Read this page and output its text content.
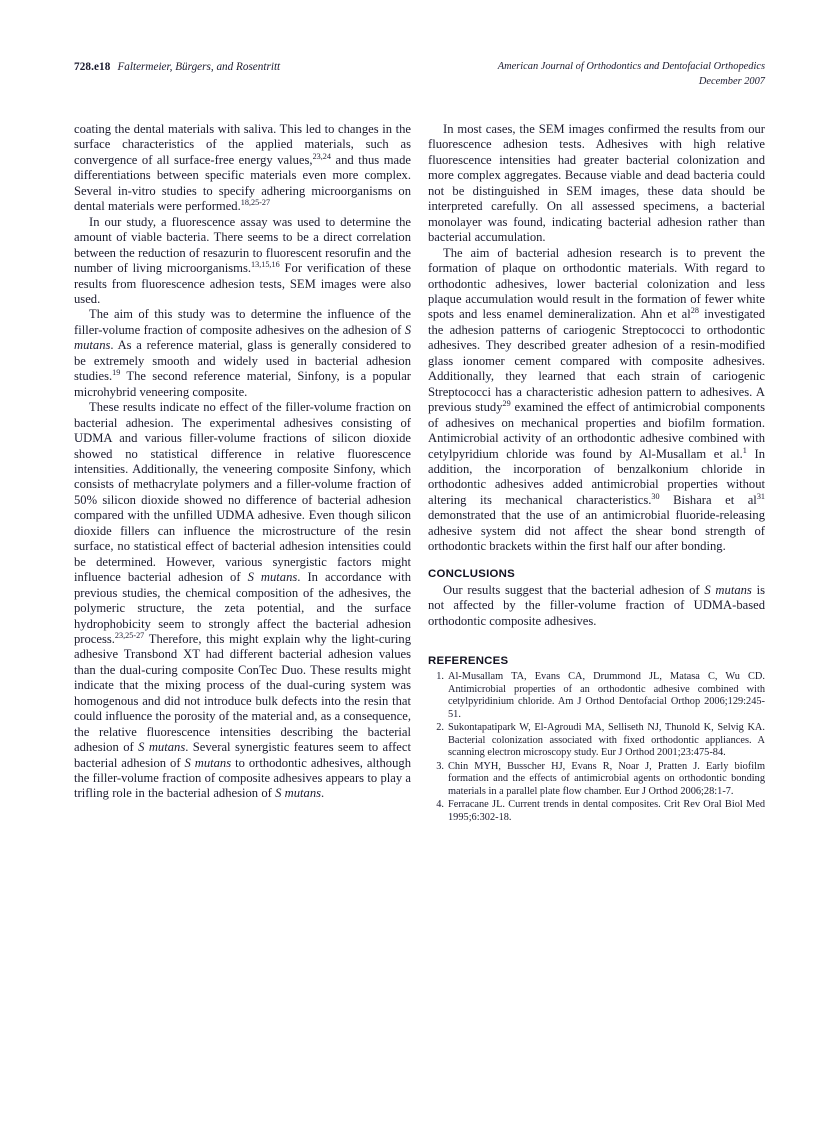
728.e18 Faltermeier, Bürgers, and Rosentritt	American Journal of Orthodontics and Dentofacial Orthopedics
December 2007

coating the dental materials with saliva. This led to changes in the surface characteristics of the applied materials, such as convergence of all surface-free energy values,$^{23,24}$ and thus made differentiations between specific materials even more complex. Several in-vitro studies to specify adhering microorganisms on dental materials were performed.$^{18,25-27}$

In our study, a fluorescence assay was used to determine the amount of viable bacteria. There seems to be a direct correlation between the reduction of resazurin to fluorescent resorufin and the number of living microorganisms.$^{13,15,16}$ For verification of these results from fluorescence adhesion tests, SEM images were also used.

The aim of this study was to determine the influence of the filler-volume fraction of composite adhesives on the adhesion of S mutans. As a reference material, glass is generally considered to be extremely smooth and widely used in bacterial adhesion studies.$^{19}$ The second reference material, Sinfony, is a popular microhybrid veneering composite.

These results indicate no effect of the filler-volume fraction on bacterial adhesion. The experimental adhesives consisting of UDMA and various filler-volume fractions of silicon dioxide showed no statistical difference in relative fluorescence intensities. Additionally, the veneering composite Sinfony, which consists of methacrylate polymers and a filler-volume fraction of 50% silicon dioxide showed no difference of bacterial adhesion compared with the unfilled UDMA adhesive. Even though silicon dioxide fillers can influence the microstructure of the resin surface, no statistical effect of bacterial adhesion intensities could be determined. However, various synergistic factors might influence bacterial adhesion of S mutans. In accordance with previous studies, the chemical composition of the adhesives, the polymeric structure, the zeta potential, and the surface hydrophobicity seem to strongly affect the bacterial adhesion process.$^{23,25-27}$ Therefore, this might explain why the light-curing adhesive Transbond XT had different bacterial adhesion values than the dual-curing composite ConTec Duo. These results might indicate that the mixing process of the dual-curing system was homogenous and did not introduce bulk defects into the resin that could influence the porosity of the material and, as a consequence, the relative fluorescence intensities describing the bacterial adhesion of S mutans. Several synergistic features seem to affect bacterial adhesion of S mutans to orthodontic adhesives, although the filler-volume fraction of composite adhesives appears to play a trifling role in the bacterial adhesion of S mutans.

In most cases, the SEM images confirmed the results from our fluorescence adhesion tests. Adhesives with high relative fluorescence intensities had greater bacterial colonization and more complex aggregates. Because viable and dead bacteria could not be distinguished in SEM images, these data should be interpreted carefully. On all assessed specimens, a bacterial monolayer was found, indicating bacterial adhesion rather than bacterial accumulation.

The aim of bacterial adhesion research is to prevent the formation of plaque on orthodontic materials. With regard to orthodontic adhesives, lower bacterial colonization and less plaque accumulation would result in the formation of fewer white spots and less enamel demineralization. Ahn et $al^{28}$ investigated the adhesion patterns of cariogenic Streptococci to orthodontic adhesives. They described greater adhesion of a resin-modified glass ionomer cement compared with composite adhesives. Additionally, they learned that each strain of cariogenic Streptococci has a characteristic adhesion pattern to adhesives. A previous study$^{29}$ examined the effect of antimicrobial components of adhesives on mechanical properties and biofilm formation. Antimicrobial activity of an orthodontic adhesive combined with cetylpyridium chloride was found by Al-Musallam et al.$^1$ In addition, the incorporation of benzalkonium chloride in orthodontic adhesives added antimicrobial properties without altering its mechanical characteristics.$^{30}$ Bishara et $al^{31}$ demonstrated that the use of an antimicrobial fluoride-releasing adhesive system did not affect the shear bond strength of orthodontic brackets within the first half our after bonding.

CONCLUSIONS

Our results suggest that the bacterial adhesion of S mutans is not affected by the filler-volume fraction of UDMA-based orthodontic composite adhesives.

REFERENCES
Al-Musallam TA, Evans CA, Drummond JL, Matasa C, Wu CD. Antimicrobial properties of an orthodontic adhesive combined with cetylpyridinium chloride. Am J Orthod Dentofacial Orthop 2006;129:245-51.
Sukontapatipark W, El-Agroudi MA, Selliseth NJ, Thunold K, Selvig KA. Bacterial colonization associated with fixed orthodontic appliances. A scanning electron microscopy study. Eur J Orthod 2001;23:475-84.
Chin MYH, Busscher HJ, Evans R, Noar J, Pratten J. Early biofilm formation and the effects of antimicrobial agents on orthodontic bonding materials in a parallel plate flow chamber. Eur J Orthod 2006;28:1-7.
Ferracane JL. Current trends in dental composites. Crit Rev Oral Biol Med 1995;6:302-18.
